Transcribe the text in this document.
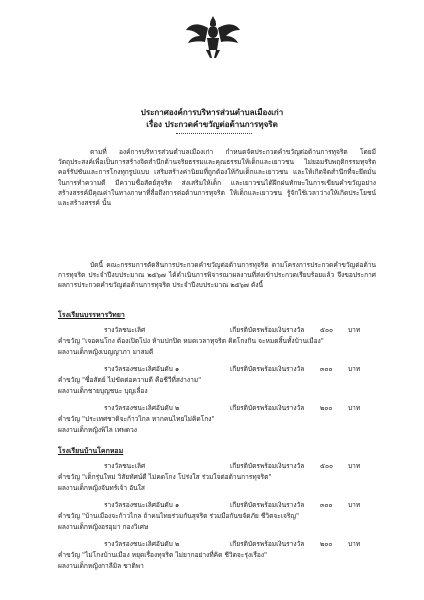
ประกาศองค์การบริหารส่วนตำบลเมืองเก่า
เรื่อง ประกวดคำขวัญต่อต้านการทุจริต
ตามที่ องค์การบริหารส่วนตำบลเมืองเก่า กำหนดจัดประกวดคำขวัญต่อต้านการทุจริต โดยมีวัตถุประสงค์เพื่อเป็นการสร้างจิตสำนึกด้านจริยธรรมและคุณธรรมให้เด็กและเยาวชน ไม่ยอมรับพฤติกรรมทุจริตคอร์รัปชันและการโกงทุกรูปแบบ เสริมสร้างค่านิยมที่ถูกต้องให้กับเด็กและเยาวชน และให้เกิดจิตสำนึกที่จะยึดมั่นในการทำความดี มีความซื่อสัตย์สุจริต ส่งเสริมให้เด็ก และเยาวชนได้ฝึกฝนทักษะในการเขียนคำขวัญอย่างสร้างสรรค์มีคุณค่าในทางภาษาที่สื่อถึงการต่อต้านการทุจริต ให้เด็กและเยาวชน รู้จักใช้เวลาว่างให้เกิดประโยชน์และสร้างสรรค์ นั้น
บัดนี้ คณะกรรมการตัดสินการประกวดคำขวัญต่อต้านการทุจริต ตามโครงการประกวดคำขวัญต่อต้านการทุจริต ประจำปีงบประมาณ ๒๕๖๗ ได้ดำเนินการพิจารณาผลงานที่ส่งเข้าประกวดเรียบร้อยแล้ว จึงขอประกาศผลการประกวดคำขวัญต่อต้านการทุจริต ประจำปีงบประมาณ ๒๕๖๗ ดังนี้
โรงเรียนบรรหารวิทยา
รางวัลชนะเลิศ	เกียรติบัตรพร้อมเงินรางวัล ๕๐๐ บาท
คำขวัญ "เจอคนโกง ต้องเปิดโปง ห้ามปกปิด หมดเวลาทุจริต คิดโกงกิน จะหมดสิ้นทั้งบ้านเมือง"
ผลงานเด็กหญิงเบญญาภา มาสมดี
รางวัลรองชนะเลิศอันดับ ๑	เกียรติบัตรพร้อมเงินรางวัล ๓๐๐ บาท
คำขวัญ "ซื่อสัตย์ ไม่ขัดต่อความดี คือชีวีที่สง่างาม"
ผลงานเด็กชายบุญชนะ บุญเลื่อง
รางวัลรองชนะเลิศอันดับ ๒	เกียรติบัตรพร้อมเงินรางวัล ๒๐๐ บาท
คำขวัญ "ประเทศชาติจะก้าวไกล หากคนไทยไม่คิดโกง"
ผลงานเด็กหญิงพิไล เทพดวง
โรงเรียนบ้านโคกหอม
รางวัลชนะเลิศ	เกียรติบัตรพร้อมเงินรางวัล ๕๐๐ บาท
คำขวัญ "เด็กรุ่นใหม่ วิสัยทัศน์ดี ไม่คดโกง โปร่งใส ร่วมใจต่อต้านการทุจริต"
ผลงานเด็กหญิงจันทร์เจ้า อันใส
รางวัลรองชนะเลิศอันดับ ๑	เกียรติบัตรพร้อมเงินรางวัล ๓๐๐ บาท
คำขวัญ "บ้านเมืองจะก้าวไกล ถ้าคนไทยร่วมกันสุจริต ร่วมมือกันขจัดภัย ชีวิตจะเจริญ"
ผลงานเด็กหญิงอรอุมา กองวิเศษ
รางวัลรองชนะเลิศอันดับ ๒	เกียรติบัตรพร้อมเงินรางวัล ๒๐๐ บาท
คำขวัญ "ไม่โกงบ้านเมือง หยุดเรื่องทุจริต ไม่ยากอย่างที่คิด ชีวิตจะรุ่งเรือง"
ผลงานเด็กหญิงกาลีมิล ชาติพา
